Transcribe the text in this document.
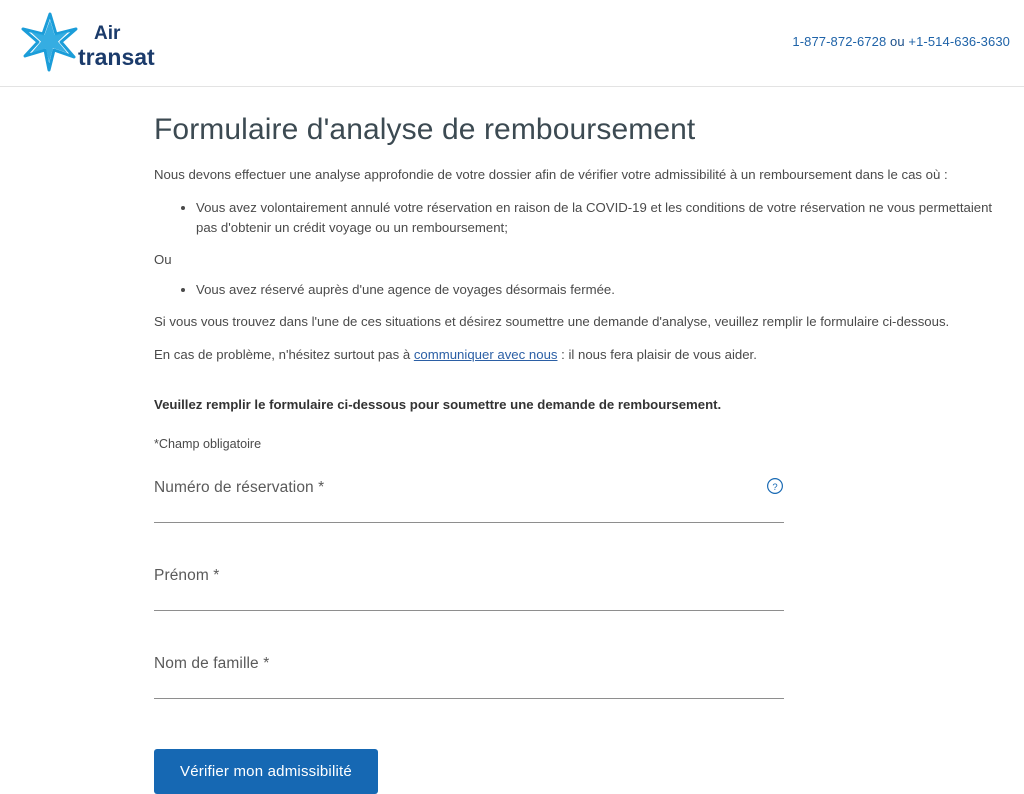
Air
transat
1-877-872-6728 ou +1-514-636-3630
Formulaire d'analyse de remboursement

Nous devons effectuer une analyse approfondie de votre dossier afin de vérifier votre admissibilité à un remboursement dans le cas où :

• Vous avez volontairement annulé votre réservation en raison de la COVID-19 et les conditions de votre réservation ne vous permettaient pas d'obtenir un crédit voyage ou un remboursement;

Ou

• Vous avez réservé auprès d'une agence de voyages désormais fermée.

Si vous vous trouvez dans l'une de ces situations et désirez soumettre une demande d'analyse, veuillez remplir le formulaire ci-dessous.

En cas de problème, n'hésitez surtout pas à communiquer avec nous : il nous fera plaisir de vous aider.

Veuillez remplir le formulaire ci-dessous pour soumettre une demande de remboursement.

*Champ obligatoire

Numéro de réservation *	?
Prénom *
Nom de famille *
Vérifier mon admissibilité
